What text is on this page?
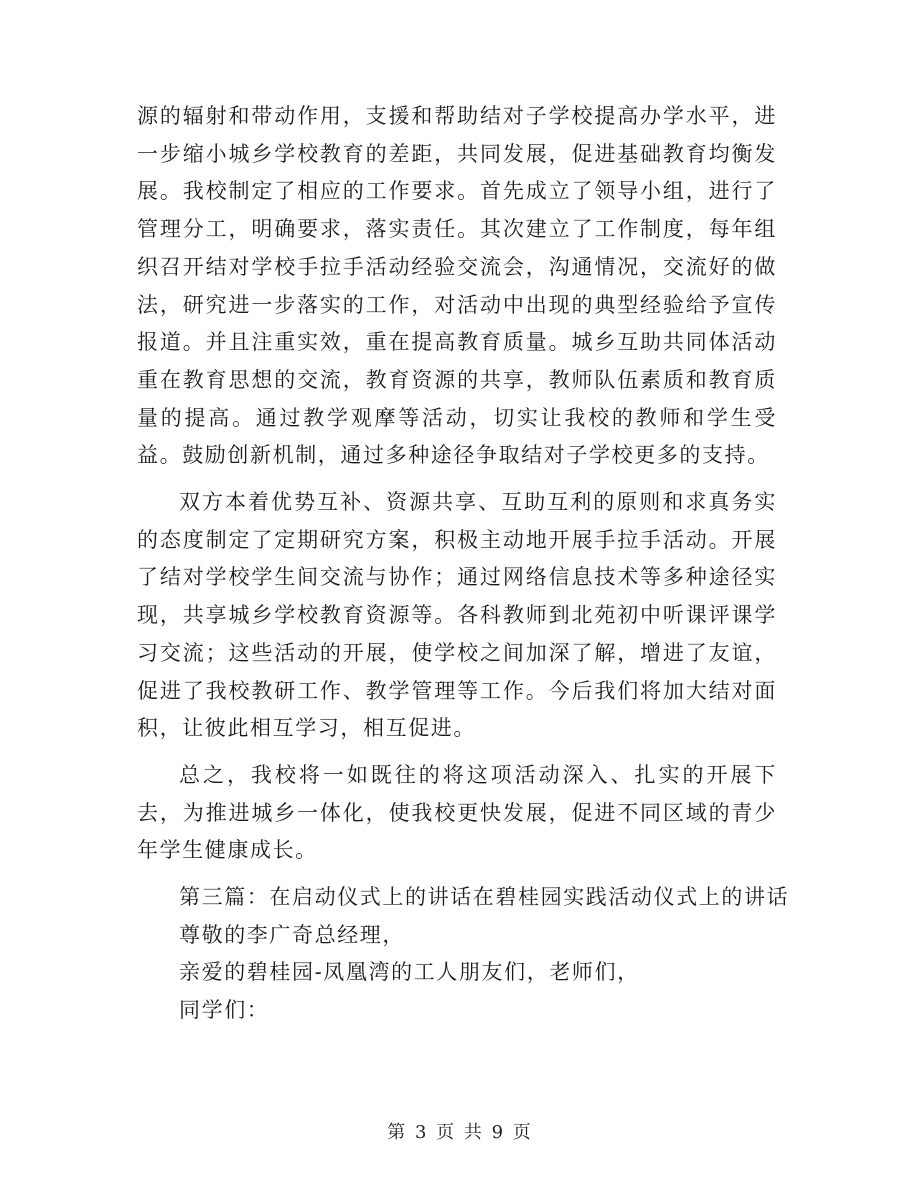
源的辐射和带动作用，支援和帮助结对子学校提高办学水平，进一步缩小城乡学校教育的差距，共同发展，促进基础教育均衡发展。我校制定了相应的工作要求。首先成立了领导小组，进行了管理分工，明确要求，落实责任。其次建立了工作制度，每年组织召开结对学校手拉手活动经验交流会，沟通情况，交流好的做法，研究进一步落实的工作，对活动中出现的典型经验给予宣传报道。并且注重实效，重在提高教育质量。城乡互助共同体活动重在教育思想的交流，教育资源的共享，教师队伍素质和教育质量的提高。通过教学观摩等活动，切实让我校的教师和学生受益。鼓励创新机制，通过多种途径争取结对子学校更多的支持。

双方本着优势互补、资源共享、互助互利的原则和求真务实的态度制定了定期研究方案，积极主动地开展手拉手活动。开展了结对学校学生间交流与协作；通过网络信息技术等多种途径实现，共享城乡学校教育资源等。各科教师到北苑初中听课评课学习交流；这些活动的开展，使学校之间加深了解，增进了友谊，促进了我校教研工作、教学管理等工作。今后我们将加大结对面积，让彼此相互学习，相互促进。

总之，我校将一如既往的将这项活动深入、扎实的开展下去，为推进城乡一体化，使我校更快发展，促进不同区域的青少年学生健康成长。

第三篇：在启动仪式上的讲话在碧桂园实践活动仪式上的讲话

尊敬的李广奇总经理，

亲爱的碧桂园-凤凰湾的工人朋友们，老师们，

同学们：

第 3 页 共 9 页
